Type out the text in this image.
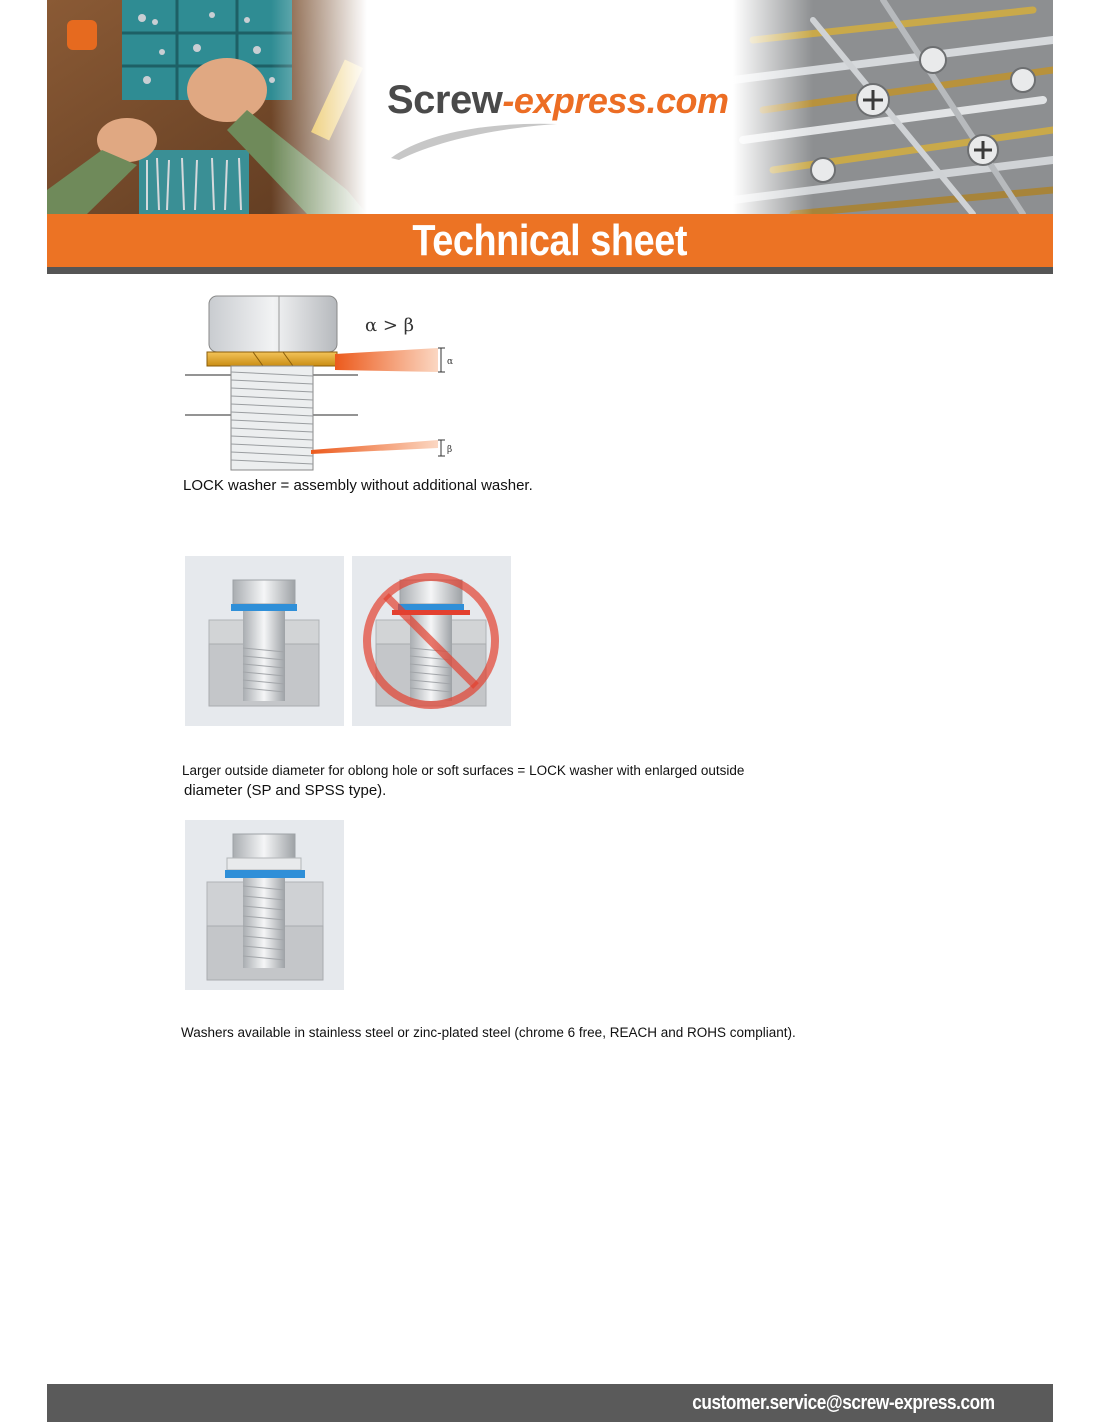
Screw-express.com
Technical sheet
α > β
α
β
LOCK washer = assembly without additional washer.
Larger outside diameter for oblong hole or soft surfaces = LOCK washer with enlarged outside
diameter (SP and SPSS type).
Washers available in stainless steel or zinc-plated steel (chrome 6 free, REACH and ROHS compliant).
customer.service@screw-express.com
